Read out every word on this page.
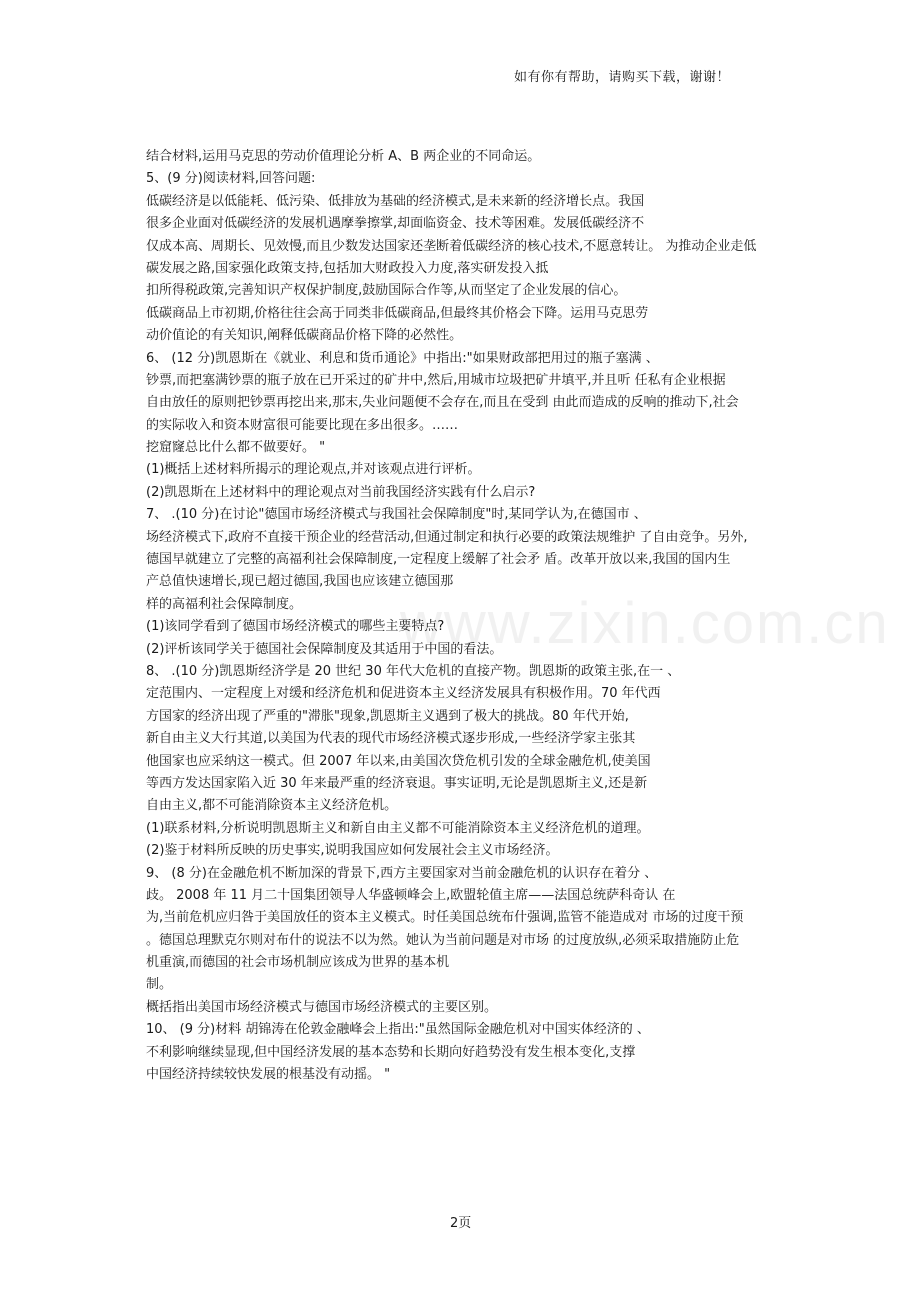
如有你有帮助，请购买下载，谢谢！
www.zixin.com.cn
结合材料,运用马克思的劳动价值理论分析 A、B 两企业的不同命运。
5、(9 分)阅读材料,回答问题:
低碳经济是以低能耗、低污染、低排放为基础的经济模式,是未来新的经济增长点。我国
很多企业面对低碳经济的发展机遇摩拳擦掌,却面临资金、技术等困难。发展低碳经济不
仅成本高、周期长、见效慢,而且少数发达国家还垄断着低碳经济的核心技术,不愿意转让。 为推动企业走低
碳发展之路,国家强化政策支持,包括加大财政投入力度,落实研发投入抵
扣所得税政策,完善知识产权保护制度,鼓励国际合作等,从而坚定了企业发展的信心。
低碳商品上市初期,价格往往会高于同类非低碳商品,但最终其价格会下降。运用马克思劳
动价值论的有关知识,阐释低碳商品价格下降的必然性。
6、 (12 分)凯恩斯在《就业、利息和货币通论》中指出:"如果财政部把用过的瓶子塞满 、
钞票,而把塞满钞票的瓶子放在已开采过的矿井中,然后,用城市垃圾把矿井填平,并且听 任私有企业根据
自由放任的原则把钞票再挖出来,那末,失业问题便不会存在,而且在受到 由此而造成的反响的推动下,社会
的实际收入和资本财富很可能要比现在多出很多。……
挖窟窿总比什么都不做要好。 "
(1)概括上述材料所揭示的理论观点,并对该观点进行评析。
(2)凯恩斯在上述材料中的理论观点对当前我国经济实践有什么启示?
7、 .(10 分)在讨论"德国市场经济模式与我国社会保障制度"时,某同学认为,在德国市 、
场经济模式下,政府不直接干预企业的经营活动,但通过制定和执行必要的政策法规维护 了自由竞争。另外,
德国早就建立了完整的高福利社会保障制度,一定程度上缓解了社会矛 盾。改革开放以来,我国的国内生
产总值快速增长,现已超过德国,我国也应该建立德国那
样的高福利社会保障制度。
(1)该同学看到了德国市场经济模式的哪些主要特点?
(2)评析该同学关于德国社会保障制度及其适用于中国的看法。
8、 .(10 分)凯恩斯经济学是 20 世纪 30 年代大危机的直接产物。凯恩斯的政策主张,在一 、
定范围内、一定程度上对缓和经济危机和促进资本主义经济发展具有积极作用。70 年代西
方国家的经济出现了严重的"滞胀"现象,凯恩斯主义遇到了极大的挑战。80 年代开始,
新自由主义大行其道,以美国为代表的现代市场经济模式逐步形成,一些经济学家主张其
他国家也应采纳这一模式。但 2007 年以来,由美国次贷危机引发的全球金融危机,使美国
等西方发达国家陷入近 30 年来最严重的经济衰退。事实证明,无论是凯恩斯主义,还是新
自由主义,都不可能消除资本主义经济危机。
(1)联系材料,分析说明凯恩斯主义和新自由主义都不可能消除资本主义经济危机的道理。
(2)鉴于材料所反映的历史事实,说明我国应如何发展社会主义市场经济。
9、 (8 分)在金融危机不断加深的背景下,西方主要国家对当前金融危机的认识存在着分 、
歧。 2008 年 11 月二十国集团领导人华盛顿峰会上,欧盟轮值主席——法国总统萨科奇认 在
为,当前危机应归咎于美国放任的资本主义模式。时任美国总统布什强调,监管不能造成对 市场的过度干预
。德国总理默克尔则对布什的说法不以为然。她认为当前问题是对市场 的过度放纵,必须采取措施防止危
机重演,而德国的社会市场机制应该成为世界的基本机
制。
概括指出美国市场经济模式与德国市场经济模式的主要区别。
10、 (9 分)材料 胡锦涛在伦敦金融峰会上指出:"虽然国际金融危机对中国实体经济的 、
不利影响继续显现,但中国经济发展的基本态势和长期向好趋势没有发生根本变化,支撑
中国经济持续较快发展的根基没有动摇。 "
2页
